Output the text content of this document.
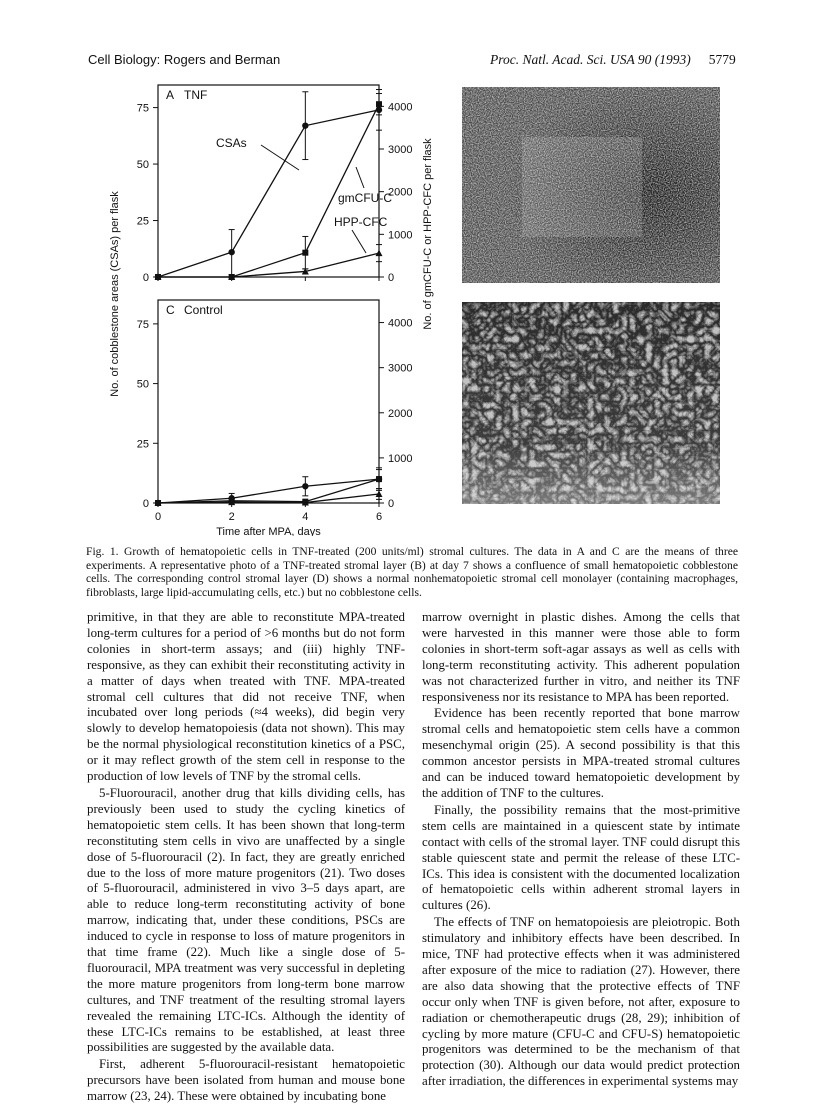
Cell Biology: Rogers and Berman	Proc. Natl. Acad. Sci. USA 90 (1993) 5779
0
25
50
75
0
1000
2000
3000
4000
A TNF
CSAs
gmCFU-C
HPP-CFC
0
25
50
75
0
1000
2000
3000
4000
C Control
0	2	4	6
Time after MPA, days
No. of cobblestone areas (CSAs) per flask	No. of gmCFU-C or HPP-CFC per flask
Fig. 1. Growth of hematopoietic cells in TNF-treated (200 units/ml) stromal cultures. The data in A and C are the means of three experiments. A representative photo of a TNF-treated stromal layer (B) at day 7 shows a confluence of small hematopoietic cobblestone cells. The corresponding control stromal layer (D) shows a normal nonhematopoietic stromal cell monolayer (containing macrophages, fibroblasts, large lipid-accumulating cells, etc.) but no cobblestone cells.

primitive, in that they are able to reconstitute MPA-treated long-term cultures for a period of >6 months but do not form colonies in short-term assays; and (iii) highly TNF-responsive, as they can exhibit their reconstituting activity in a matter of days when treated with TNF. MPA-treated stromal cell cultures that did not receive TNF, when incubated over long periods (≈4 weeks), did begin very slowly to develop hematopoiesis (data not shown). This may be the normal physiological reconstitution kinetics of a PSC, or it may reflect growth of the stem cell in response to the production of low levels of TNF by the stromal cells.

5-Fluorouracil, another drug that kills dividing cells, has previously been used to study the cycling kinetics of hematopoietic stem cells. It has been shown that long-term reconstituting stem cells in vivo are unaffected by a single dose of 5-fluorouracil (2). In fact, they are greatly enriched due to the loss of more mature progenitors (21). Two doses of 5-fluorouracil, administered in vivo 3–5 days apart, are able to reduce long-term reconstituting activity of bone marrow, indicating that, under these conditions, PSCs are induced to cycle in response to loss of mature progenitors in that time frame (22). Much like a single dose of 5-fluorouracil, MPA treatment was very successful in depleting the more mature progenitors from long-term bone marrow cultures, and TNF treatment of the resulting stromal layers revealed the remaining LTC-ICs. Although the identity of these LTC-ICs remains to be established, at least three possibilities are suggested by the available data.

First, adherent 5-fluorouracil-resistant hematopoietic precursors have been isolated from human and mouse bone marrow (23, 24). These were obtained by incubating bone

marrow overnight in plastic dishes. Among the cells that were harvested in this manner were those able to form colonies in short-term soft-agar assays as well as cells with long-term reconstituting activity. This adherent population was not characterized further in vitro, and neither its TNF responsiveness nor its resistance to MPA has been reported.

Evidence has been recently reported that bone marrow stromal cells and hematopoietic stem cells have a common mesenchymal origin (25). A second possibility is that this common ancestor persists in MPA-treated stromal cultures and can be induced toward hematopoietic development by the addition of TNF to the cultures.

Finally, the possibility remains that the most-primitive stem cells are maintained in a quiescent state by intimate contact with cells of the stromal layer. TNF could disrupt this stable quiescent state and permit the release of these LTC-ICs. This idea is consistent with the documented localization of hematopoietic cells within adherent stromal layers in cultures (26).

The effects of TNF on hematopoiesis are pleiotropic. Both stimulatory and inhibitory effects have been described. In mice, TNF had protective effects when it was administered after exposure of the mice to radiation (27). However, there are also data showing that the protective effects of TNF occur only when TNF is given before, not after, exposure to radiation or chemotherapeutic drugs (28, 29); inhibition of cycling by more mature (CFU-C and CFU-S) hematopoietic progenitors was determined to be the mechanism of that protection (30). Although our data would predict protection after irradiation, the differences in experimental systems may
